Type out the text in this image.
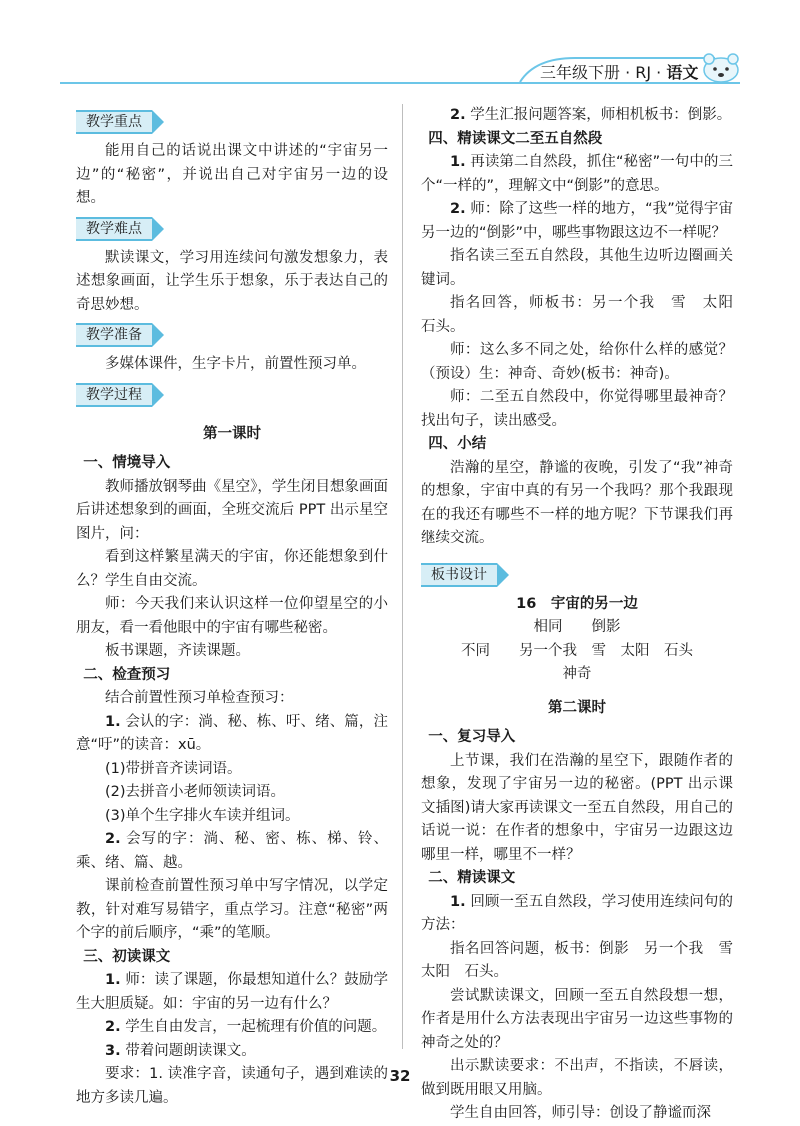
三年级下册 · RJ · 语文
教学重点

能用自己的话说出课文中讲述的“宇宙另一边”的“秘密”，并说出自己对宇宙另一边的设想。

教学难点

默读课文，学习用连续问句激发想象力，表述想象画面，让学生乐于想象，乐于表达自己的奇思妙想。

教学准备

多媒体课件，生字卡片，前置性预习单。

教学过程
第一课时
一、情境导入

教师播放钢琴曲《星空》，学生闭目想象画面后讲述想象到的画面，全班交流后 PPT 出示星空图片，问：

看到这样繁星满天的宇宙，你还能想象到什么？学生自由交流。

师：今天我们来认识这样一位仰望星空的小朋友，看一看他眼中的宇宙有哪些秘密。

板书课题，齐读课题。

二、检查预习

结合前置性预习单检查预习：

1. 会认的字：淌、秘、栋、吁、绪、篇，注意“吁”的读音：xū。

(1)带拼音齐读词语。

(2)去拼音小老师领读词语。

(3)单个生字排火车读并组词。

2. 会写的字：淌、秘、密、栋、梯、铃、乘、绪、篇、越。

课前检查前置性预习单中写字情况，以学定教，针对难写易错字，重点学习。注意“秘密”两个字的前后顺序，“乘”的笔顺。

三、初读课文

1. 师：读了课题，你最想知道什么？鼓励学生大胆质疑。如：宇宙的另一边有什么？

2. 学生自由发言，一起梳理有价值的问题。

3. 带着问题朗读课文。

要求：1. 读准字音，读通句子，遇到难读的地方多读几遍。

2. 学生汇报问题答案，师相机板书：倒影。

四、精读课文二至五自然段

1. 再读第二自然段，抓住“秘密”一句中的三个“一样的”，理解文中“倒影”的意思。

2. 师：除了这些一样的地方，“我”觉得宇宙另一边的“倒影”中，哪些事物跟这边不一样呢？

指名读三至五自然段，其他生边听边圈画关键词。

指名回答，师板书：另一个我　雪　太阳　石头。

师：这么多不同之处，给你什么样的感觉？（预设）生：神奇、奇妙(板书：神奇)。

师：二至五自然段中，你觉得哪里最神奇？找出句子，读出感受。

四、小结

浩瀚的星空，静谧的夜晚，引发了“我”神奇的想象，宇宙中真的有另一个我吗？那个我跟现在的我还有哪些不一样的地方呢？下节课我们再继续交流。

板书设计
16　宇宙的另一边
相同　　倒影
不同　　另一个我　雪　太阳　石头
神奇
第二课时
一、复习导入

上节课，我们在浩瀚的星空下，跟随作者的想象，发现了宇宙另一边的秘密。(PPT 出示课文插图)请大家再读课文一至五自然段，用自己的话说一说：在作者的想象中，宇宙另一边跟这边哪里一样，哪里不一样？

二、精读课文

1. 回顾一至五自然段，学习使用连续问句的方法：

指名回答问题，板书：倒影　另一个我　雪　太阳　石头。

尝试默读课文，回顾一至五自然段想一想，作者是用什么方法表现出宇宙另一边这些事物的神奇之处的？

出示默读要求：不出声，不指读，不唇读，做到既用眼又用脑。

学生自由回答，师引导：创设了静谧而深

32
